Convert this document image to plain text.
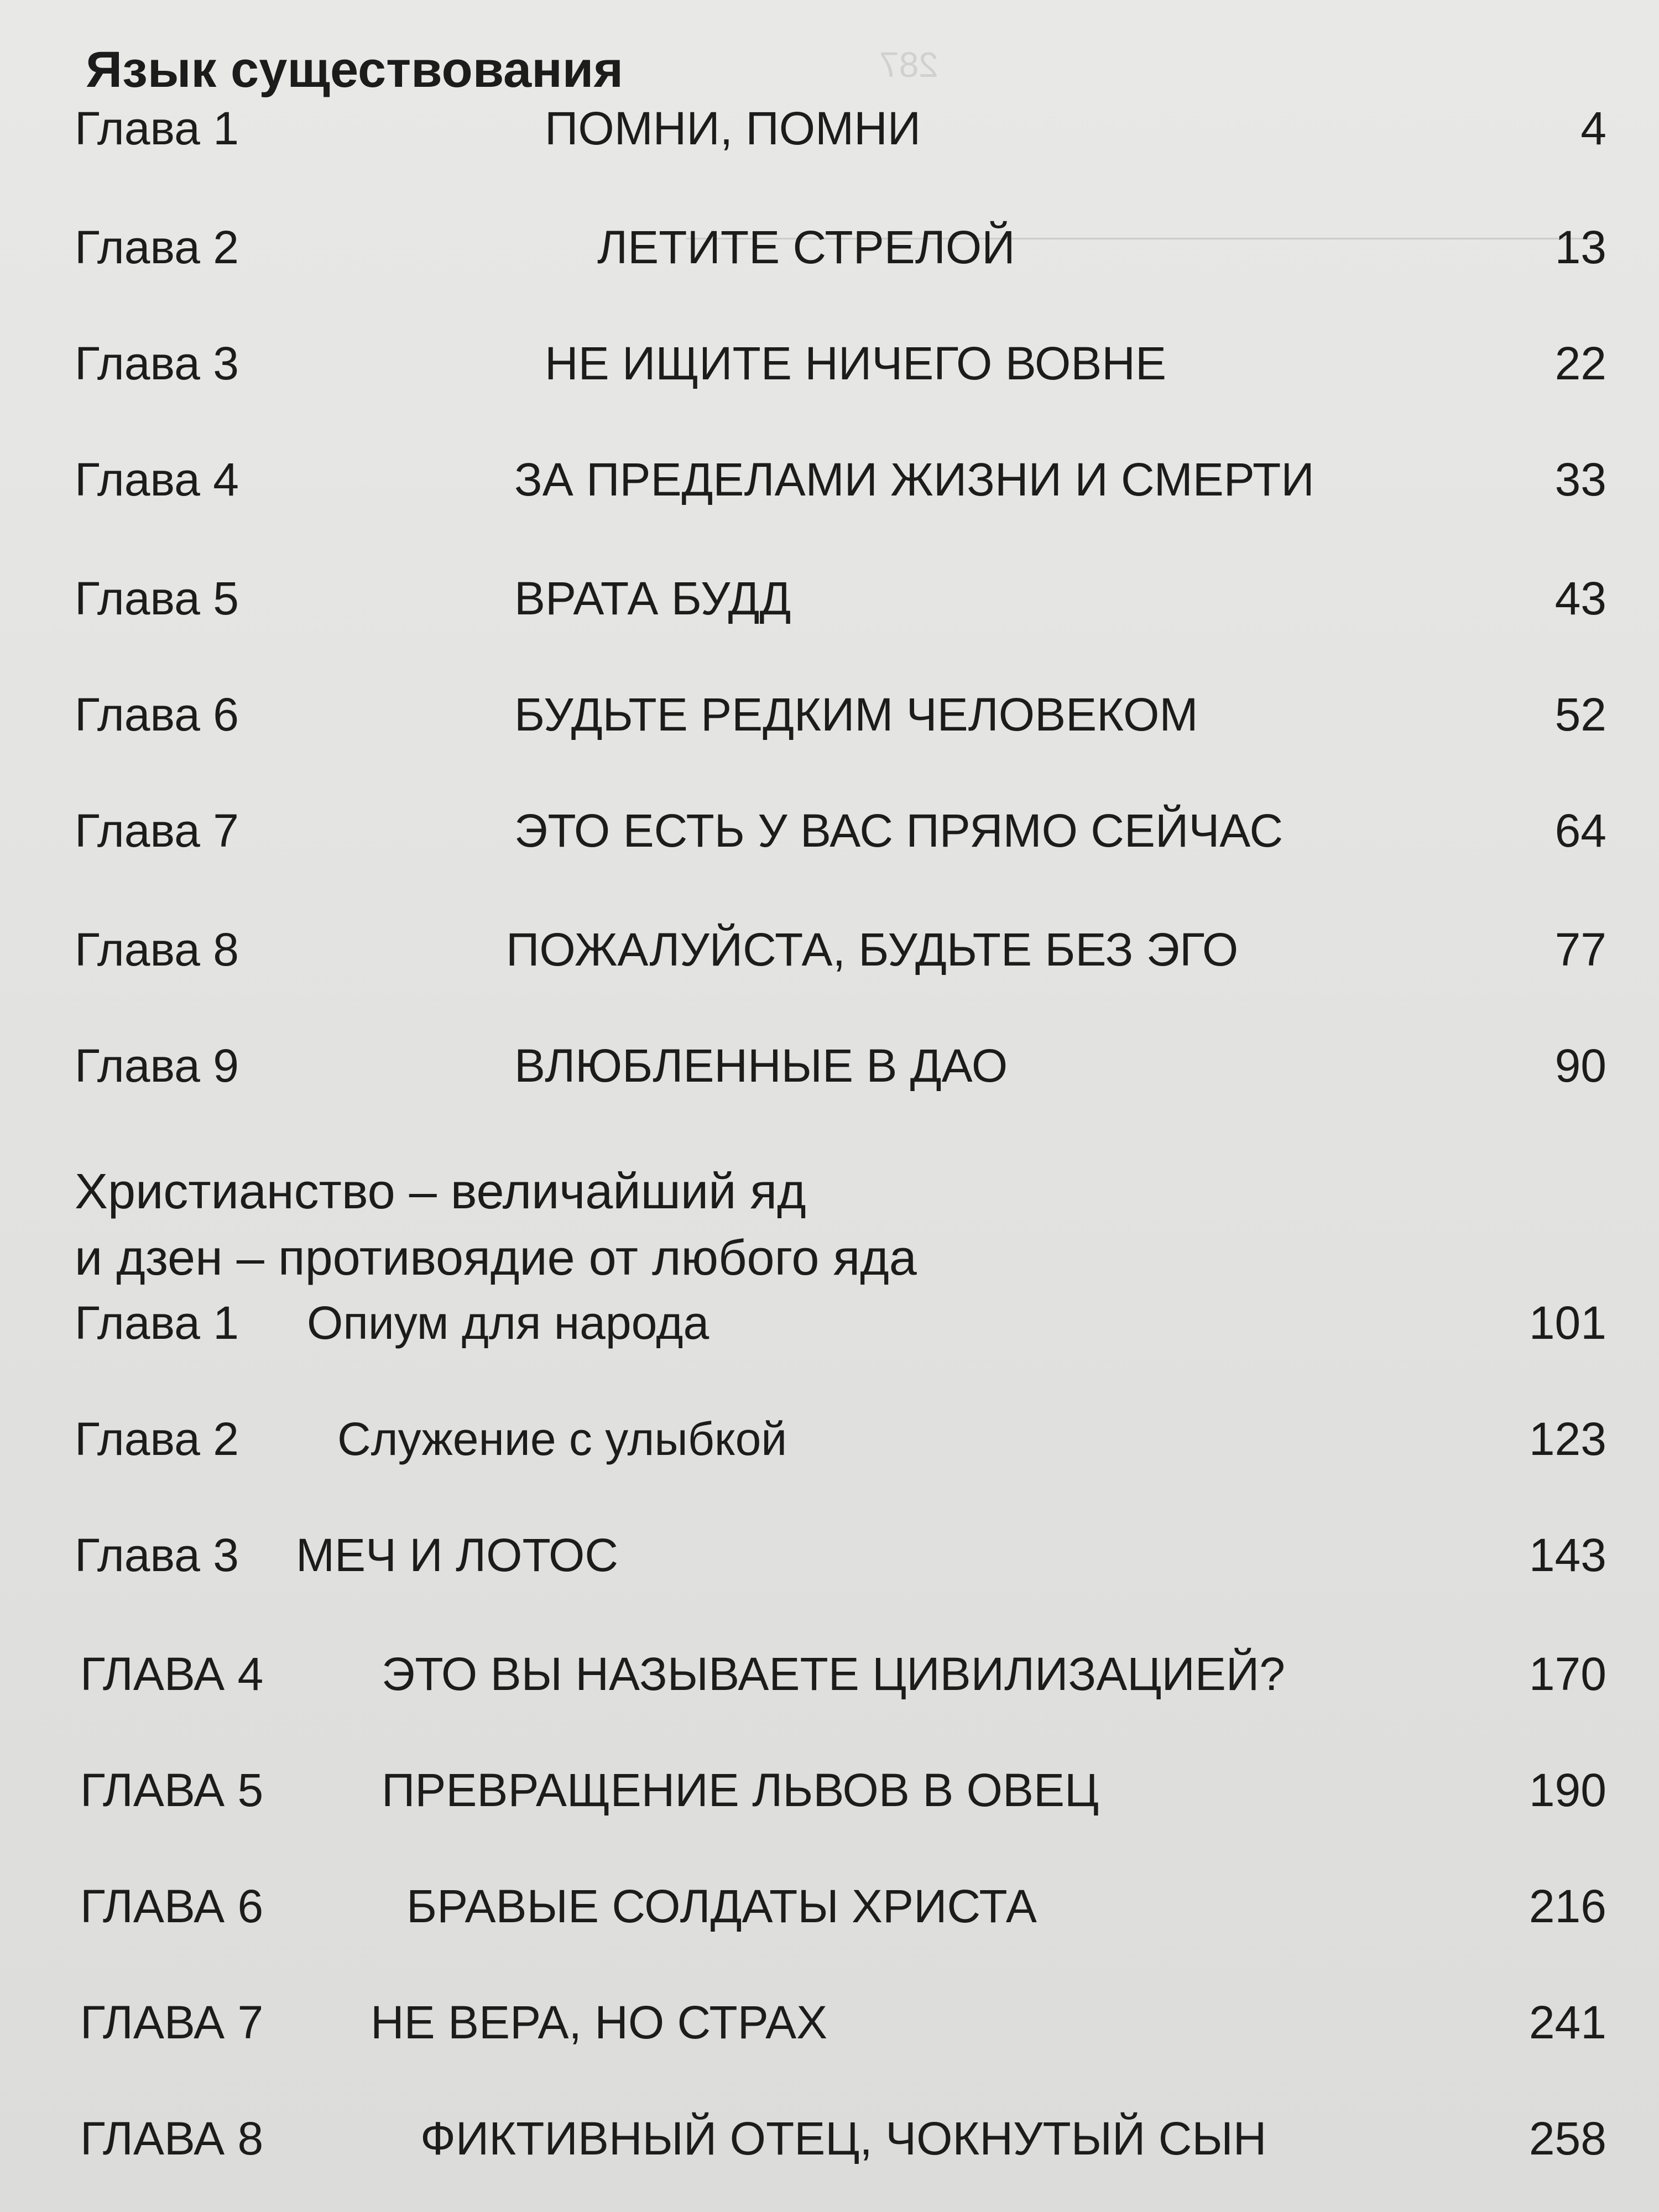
287
Язык существования
Глава 1	ПОМНИ, ПОМНИ	4
Глава 2	ЛЕТИТЕ СТРЕЛОЙ	13
Глава 3	НЕ ИЩИТЕ НИЧЕГО ВОВНЕ	22
Глава 4	ЗА ПРЕДЕЛАМИ ЖИЗНИ И СМЕРТИ	33
Глава 5	ВРАТА БУДД	43
Глава 6	БУДЬТЕ РЕДКИМ ЧЕЛОВЕКОМ	52
Глава 7	ЭТО ЕСТЬ У ВАС ПРЯМО СЕЙЧАС	64
Глава 8	ПОЖАЛУЙСТА, БУДЬТЕ БЕЗ ЭГО	77
Глава 9	ВЛЮБЛЕННЫЕ В ДАО	90
Христианство – величайший яд
и дзен – противоядие от любого яда
Глава 1 Опиум для народа	101
Глава 2 Служение с улыбкой	123
Глава 3 МЕЧ И ЛОТОС	143
ГЛАВА 4	ЭТО ВЫ НАЗЫВАЕТЕ ЦИВИЛИЗАЦИЕЙ?	170
ГЛАВА 5	ПРЕВРАЩЕНИЕ ЛЬВОВ В ОВЕЦ	190
ГЛАВА 6	БРАВЫЕ СОЛДАТЫ ХРИСТА	216
ГЛАВА 7 НЕ ВЕРА, НО СТРАХ	241
ГЛАВА 8	ФИКТИВНЫЙ ОТЕЦ, ЧОКНУТЫЙ СЫН	258
